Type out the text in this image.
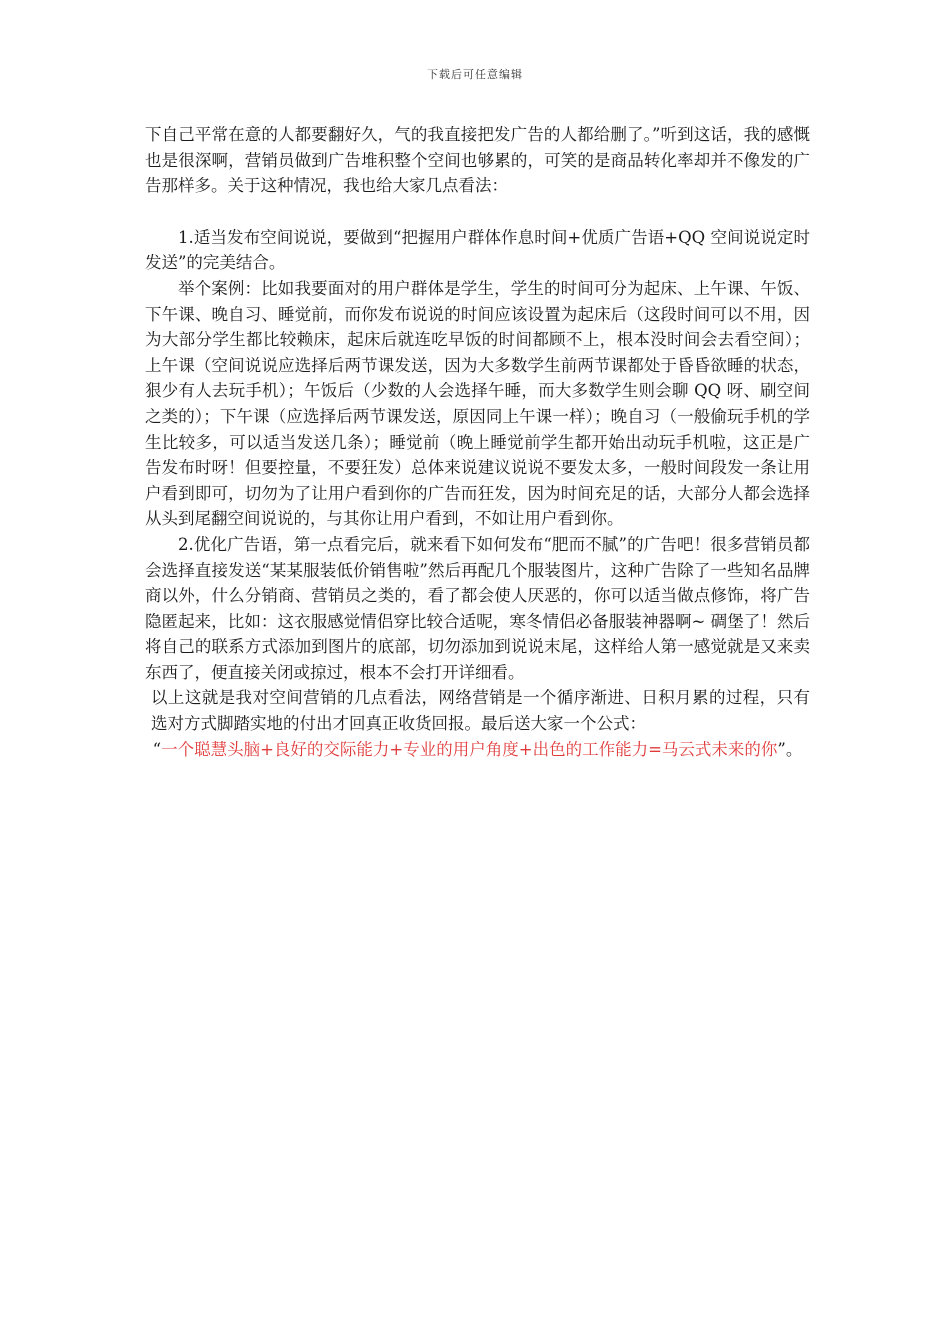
下载后可任意编辑

下自己平常在意的人都要翻好久，气的我直接把发广告的人都给删了。”听到这话，我的感慨也是很深啊，营销员做到广告堆积整个空间也够累的，可笑的是商品转化率却并不像发的广告那样多。关于这种情况，我也给大家几点看法：

1.适当发布空间说说，要做到“把握用户群体作息时间+优质广告语+QQ 空间说说定时发送”的完美结合。

举个案例：比如我要面对的用户群体是学生，学生的时间可分为起床、上午课、午饭、下午课、晚自习、睡觉前，而你发布说说的时间应该设置为起床后（这段时间可以不用，因为大部分学生都比较赖床，起床后就连吃早饭的时间都顾不上，根本没时间会去看空间）；上午课（空间说说应选择后两节课发送，因为大多数学生前两节课都处于昏昏欲睡的状态，狠少有人去玩手机）；午饭后（少数的人会选择午睡，而大多数学生则会聊 QQ 呀、刷空间之类的）；下午课（应选择后两节课发送，原因同上午课一样）；晚自习（一般偷玩手机的学生比较多，可以适当发送几条）；睡觉前（晚上睡觉前学生都开始出动玩手机啦，这正是广告发布时呀！但要控量，不要狂发）总体来说建议说说不要发太多，一般时间段发一条让用户看到即可，切勿为了让用户看到你的广告而狂发，因为时间充足的话，大部分人都会选择从头到尾翻空间说说的，与其你让用户看到，不如让用户看到你。

2.优化广告语，第一点看完后，就来看下如何发布“肥而不腻”的广告吧！很多营销员都会选择直接发送“某某服装低价销售啦”然后再配几个服装图片，这种广告除了一些知名品牌商以外，什么分销商、营销员之类的，看了都会使人厌恶的，你可以适当做点修饰，将广告隐匿起来，比如：这衣服感觉情侣穿比较合适呢，寒冬情侣必备服装神器啊~ 碉堡了！然后将自己的联系方式添加到图片的底部，切勿添加到说说末尾，这样给人第一感觉就是又来卖东西了，便直接关闭或掠过，根本不会打开详细看。

以上这就是我对空间营销的几点看法，网络营销是一个循序渐进、日积月累的过程，只有选对方式脚踏实地的付出才回真正收货回报。最后送大家一个公式：

“一个聪慧头脑+良好的交际能力+专业的用户角度+出色的工作能力=马云式未来的你”。
